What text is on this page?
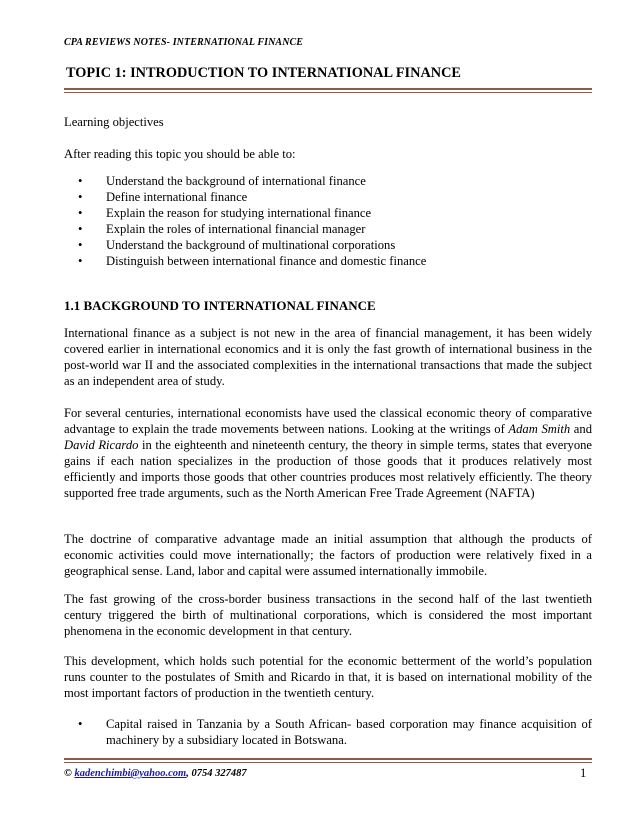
CPA REVIEWS NOTES- INTERNATIONAL FINANCE
TOPIC 1: INTRODUCTION TO INTERNATIONAL FINANCE
Learning objectives
After reading this topic you should be able to:
• Understand the background of international finance
• Define international finance
• Explain the reason for studying international finance
• Explain the roles of international financial manager
• Understand the background of multinational corporations
• Distinguish between international finance and domestic finance
1.1 BACKGROUND TO INTERNATIONAL FINANCE
International finance as a subject is not new in the area of financial management, it has been widely covered earlier in international economics and it is only the fast growth of international business in the post-world war II and the associated complexities in the international transactions that made the subject as an independent area of study.
For several centuries, international economists have used the classical economic theory of comparative advantage to explain the trade movements between nations. Looking at the writings of Adam Smith and David Ricardo in the eighteenth and nineteenth century, the theory in simple terms, states that everyone gains if each nation specializes in the production of those goods that it produces relatively most efficiently and imports those goods that other countries produces most relatively efficiently. The theory supported free trade arguments, such as the North American Free Trade Agreement (NAFTA)
The doctrine of comparative advantage made an initial assumption that although the products of economic activities could move internationally; the factors of production were relatively fixed in a geographical sense. Land, labor and capital were assumed internationally immobile.
The fast growing of the cross-border business transactions in the second half of the last twentieth century triggered the birth of multinational corporations, which is considered the most important phenomena in the economic development in that century.
This development, which holds such potential for the economic betterment of the world’s population runs counter to the postulates of Smith and Ricardo in that, it is based on international mobility of the most important factors of production in the twentieth century.
• Capital raised in Tanzania by a South African- based corporation may finance acquisition of machinery by a subsidiary located in Botswana.
© kadenchimbi@yahoo.com, 0754 327487	1
